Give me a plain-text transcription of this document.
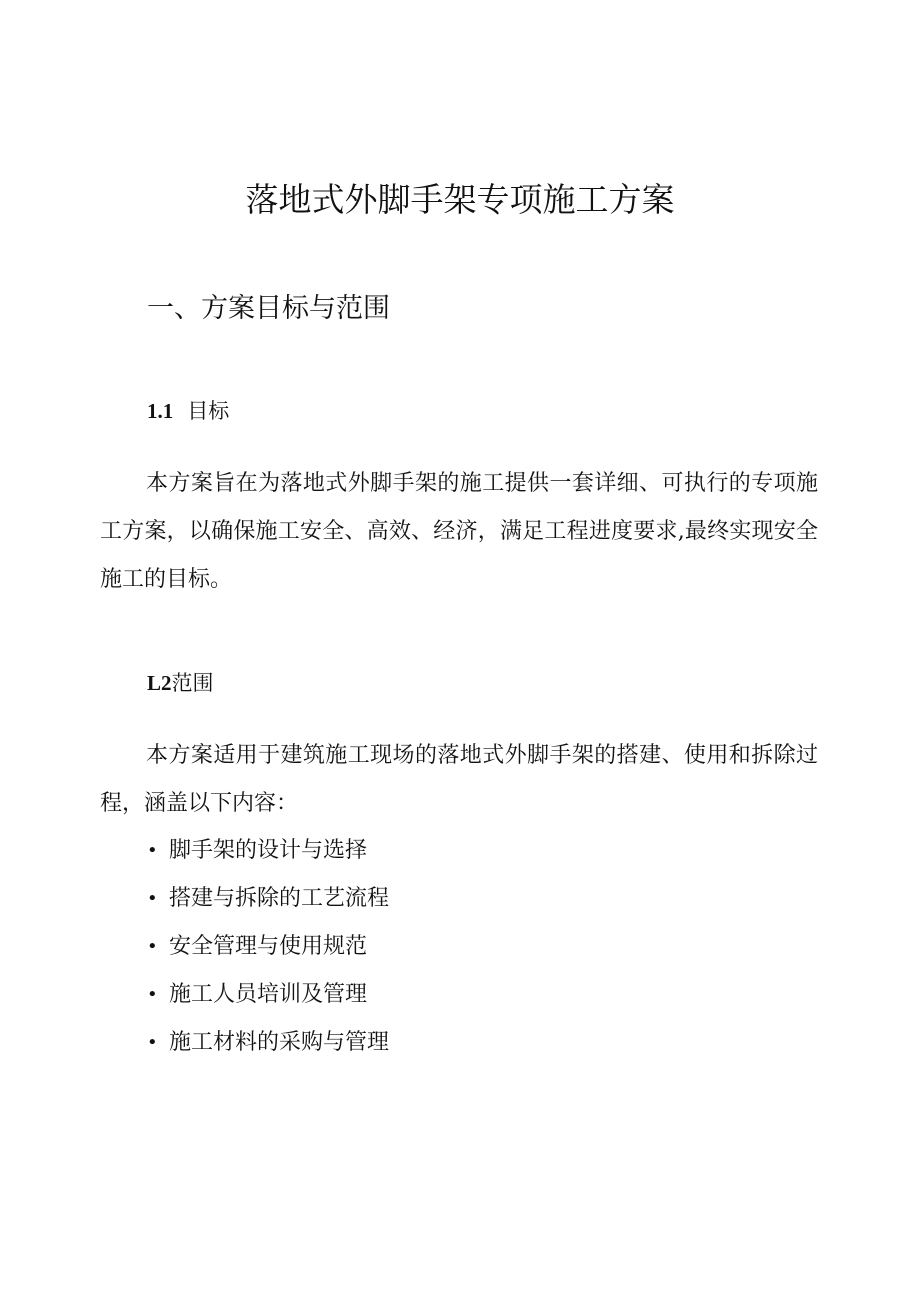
落地式外脚手架专项施工方案
一、方案目标与范围
1.1 目标

本方案旨在为落地式外脚手架的施工提供一套详细、可执行的专项施工方案，以确保施工安全、高效、经济，满足工程进度要求,最终实现安全施工的目标。

L2范围

本方案适用于建筑施工现场的落地式外脚手架的搭建、使用和拆除过程，涵盖以下内容：

• 脚手架的设计与选择
• 搭建与拆除的工艺流程
• 安全管理与使用规范
• 施工人员培训及管理
• 施工材料的采购与管理
